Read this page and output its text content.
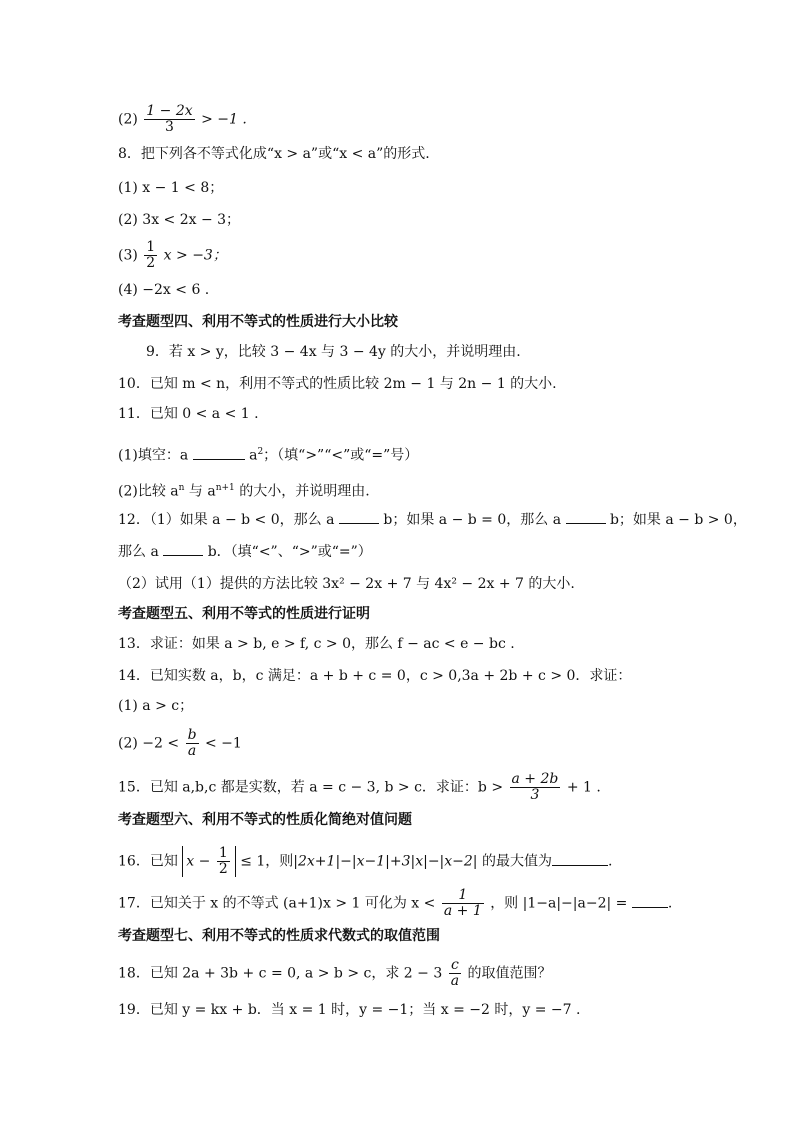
$(2) \frac{1 - 2x}{3} > -1$ .
8．把下列各不等式化成“x > a”或“x < a”的形式.
(1) x − 1 < 8；
(2) 3x < 2x − 3；
$(3) \frac{1}{2}$ x > −3；
(4) −2x < 6 .
考查题型四、利用不等式的性质进行大小比较
9．若 x > y，比较 3 − 4x 与 3 − 4y 的大小，并说明理由.
10．已知 m < n，利用不等式的性质比较 2m − 1 与 2n − 1 的大小.
11．已知 0 < a < 1 .
(1)填空：a	$a^2$；（填“>”“<”或“=”号）
(2)比较 $a^n$ 与 $a^{n+1}$ 的大小，并说明理由.
12．（1）如果 a − b < 0，那么 a	b；如果 a − b = 0，那么 a	b；如果 a − b > 0，
那么 a	b．（填“<”、“>”或“=”）
（2）试用（1）提供的方法比较 3x² − 2x + 7 与 4x² − 2x + 7 的大小.
考查题型五、利用不等式的性质进行证明
13．求证：如果 a > b, e > f, c > 0，那么 f − ac < e − bc .
14．已知实数 a，b，c 满足：a + b + c = 0，c > 0,3a + 2b + c > 0．求证：
(1) a > c；
$(2) -2 < \frac{b}{a} < -1$
15．已知 a,b,c 都是实数，若 a = c − 3, b > c．求证：$b > \frac{a + 2b}{3} + 1$ .
考查题型六、利用不等式的性质化简绝对值问题
16．已知 $x - \frac{1}{2} \le 1$，则|2x+1|−|x−1|+3|x|−|x−2| 的最大值为	.
17．已知关于 x 的不等式 (a+1)x > 1 可化为 $x < \frac{1}{a + 1}$ ，则 |1−a|−|a−2| =	.
考查题型七、利用不等式的性质求代数式的取值范围
18．已知 2a + 3b + c = 0, a > b > c，求 $2 - 3 \frac{c}{a}$ 的取值范围？
19．已知 y = kx + b．当 x = 1 时，y = −1；当 x = −2 时，y = −7 .
